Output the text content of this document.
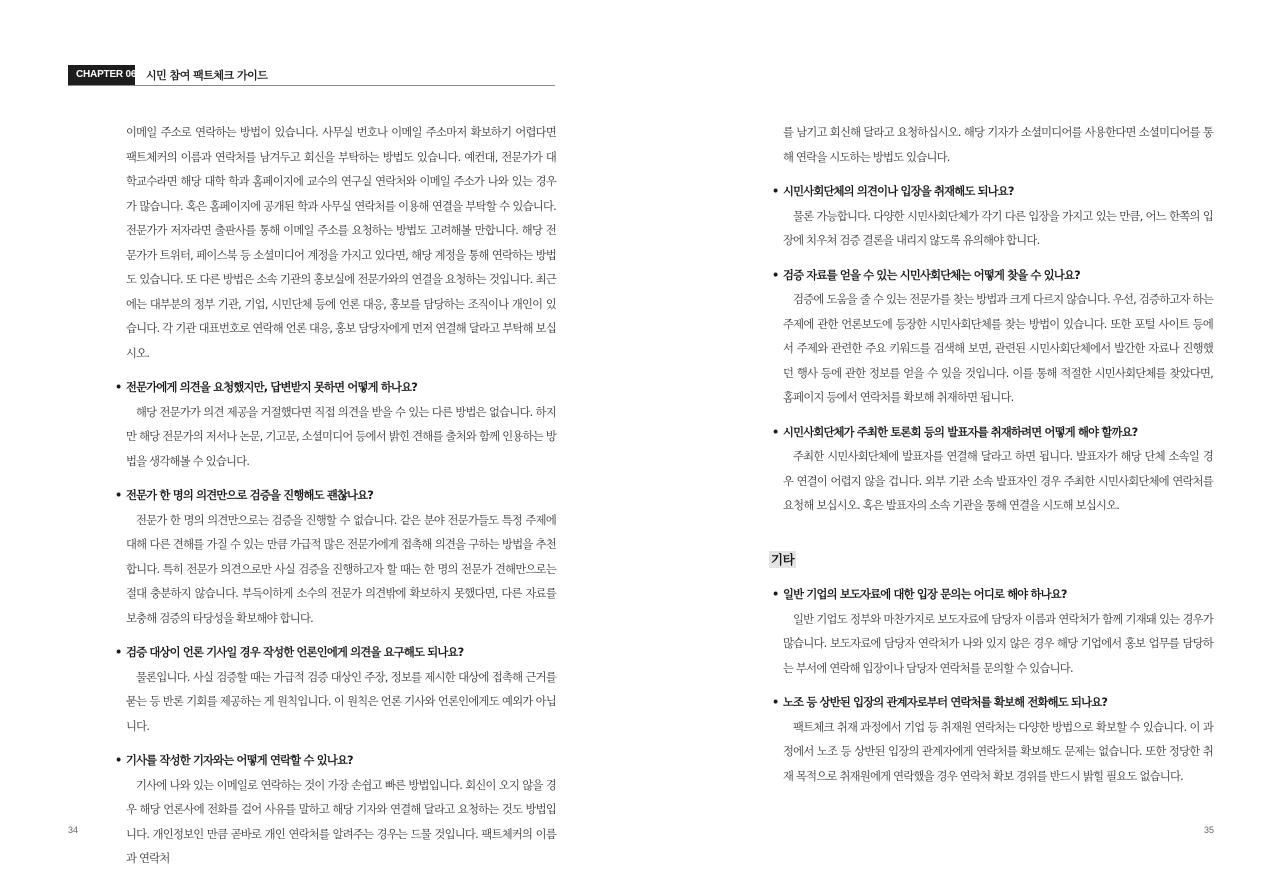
CHAPTER 06 시민 참여 팩트체크 가이드

이메일 주소로 연락하는 방법이 있습니다. 사무실 번호나 이메일 주소마저 확보하기 어렵다면 팩트체커의 이름과 연락처를 남겨두고 회신을 부탁하는 방법도 있습니다. 예컨대, 전문가가 대학교수라면 해당 대학 학과 홈페이지에 교수의 연구실 연락처와 이메일 주소가 나와 있는 경우가 많습니다. 혹은 홈페이지에 공개된 학과 사무실 연락처를 이용해 연결을 부탁할 수 있습니다. 전문가가 저자라면 출판사를 통해 이메일 주소를 요청하는 방법도 고려해볼 만합니다. 해당 전문가가 트위터, 페이스북 등 소셜미디어 계정을 가지고 있다면, 해당 계정을 통해 연락하는 방법도 있습니다. 또 다른 방법은 소속 기관의 홍보실에 전문가와의 연결을 요청하는 것입니다. 최근에는 대부분의 정부 기관, 기업, 시민단체 등에 언론 대응, 홍보를 담당하는 조직이나 개인이 있습니다. 각 기관 대표번호로 연락해 언론 대응, 홍보 담당자에게 먼저 연결해 달라고 부탁해 보십시오.

• 전문가에게 의견을 요청했지만, 답변받지 못하면 어떻게 하나요?

해당 전문가가 의견 제공을 거절했다면 직접 의견을 받을 수 있는 다른 방법은 없습니다. 하지만 해당 전문가의 저서나 논문, 기고문, 소셜미디어 등에서 밝힌 견해를 출처와 함께 인용하는 방법을 생각해볼 수 있습니다.

• 전문가 한 명의 의견만으로 검증을 진행해도 괜찮나요?

전문가 한 명의 의견만으로는 검증을 진행할 수 없습니다. 같은 분야 전문가들도 특정 주제에 대해 다른 견해를 가질 수 있는 만큼 가급적 많은 전문가에게 접촉해 의견을 구하는 방법을 추천합니다. 특히 전문가 의견으로만 사실 검증을 진행하고자 할 때는 한 명의 전문가 견해만으로는 절대 충분하지 않습니다. 부득이하게 소수의 전문가 의견밖에 확보하지 못했다면, 다른 자료를 보충해 검증의 타당성을 확보해야 합니다.

• 검증 대상이 언론 기사일 경우 작성한 언론인에게 의견을 요구해도 되나요?

물론입니다. 사실 검증할 때는 가급적 검증 대상인 주장, 정보를 제시한 대상에 접촉해 근거를 묻는 등 반론 기회를 제공하는 게 원칙입니다. 이 원칙은 언론 기사와 언론인에게도 예외가 아닙니다.

• 기사를 작성한 기자와는 어떻게 연락할 수 있나요?

기사에 나와 있는 이메일로 연락하는 것이 가장 손쉽고 빠른 방법입니다. 회신이 오지 않을 경우 해당 언론사에 전화를 걸어 사유를 말하고 해당 기자와 연결해 달라고 요청하는 것도 방법입니다. 개인정보인 만큼 곧바로 개인 연락처를 알려주는 경우는 드물 것입니다. 팩트체커의 이름과 연락처

34

를 남기고 회신해 달라고 요청하십시오. 해당 기자가 소셜미디어를 사용한다면 소셜미디어를 통해 연락을 시도하는 방법도 있습니다.

• 시민사회단체의 의견이나 입장을 취재해도 되나요?

물론 가능합니다. 다양한 시민사회단체가 각기 다른 입장을 가지고 있는 만큼, 어느 한쪽의 입장에 치우쳐 검증 결론을 내리지 않도록 유의해야 합니다.

• 검증 자료를 얻을 수 있는 시민사회단체는 어떻게 찾을 수 있나요?

검증에 도움을 줄 수 있는 전문가를 찾는 방법과 크게 다르지 않습니다. 우선, 검증하고자 하는 주제에 관한 언론보도에 등장한 시민사회단체를 찾는 방법이 있습니다. 또한 포털 사이트 등에서 주제와 관련한 주요 키워드를 검색해 보면, 관련된 시민사회단체에서 발간한 자료나 진행했던 행사 등에 관한 정보를 얻을 수 있을 것입니다. 이를 통해 적절한 시민사회단체를 찾았다면, 홈페이지 등에서 연락처를 확보해 취재하면 됩니다.

• 시민사회단체가 주최한 토론회 등의 발표자를 취재하려면 어떻게 해야 할까요?

주최한 시민사회단체에 발표자를 연결해 달라고 하면 됩니다. 발표자가 해당 단체 소속일 경우 연결이 어렵지 않을 겁니다. 외부 기관 소속 발표자인 경우 주최한 시민사회단체에 연락처를 요청해 보십시오. 혹은 발표자의 소속 기관을 통해 연결을 시도해 보십시오.

기타

• 일반 기업의 보도자료에 대한 입장 문의는 어디로 해야 하나요?

일반 기업도 정부와 마찬가지로 보도자료에 담당자 이름과 연락처가 함께 기재돼 있는 경우가 많습니다. 보도자료에 담당자 연락처가 나와 있지 않은 경우 해당 기업에서 홍보 업무를 담당하는 부서에 연락해 입장이나 담당자 연락처를 문의할 수 있습니다.

• 노조 등 상반된 입장의 관계자로부터 연락처를 확보해 전화해도 되나요?

팩트체크 취재 과정에서 기업 등 취재원 연락처는 다양한 방법으로 확보할 수 있습니다. 이 과정에서 노조 등 상반된 입장의 관계자에게 연락처를 확보해도 문제는 없습니다. 또한 정당한 취재 목적으로 취재원에게 연락했을 경우 연락처 확보 경위를 반드시 밝힐 필요도 없습니다.

35
